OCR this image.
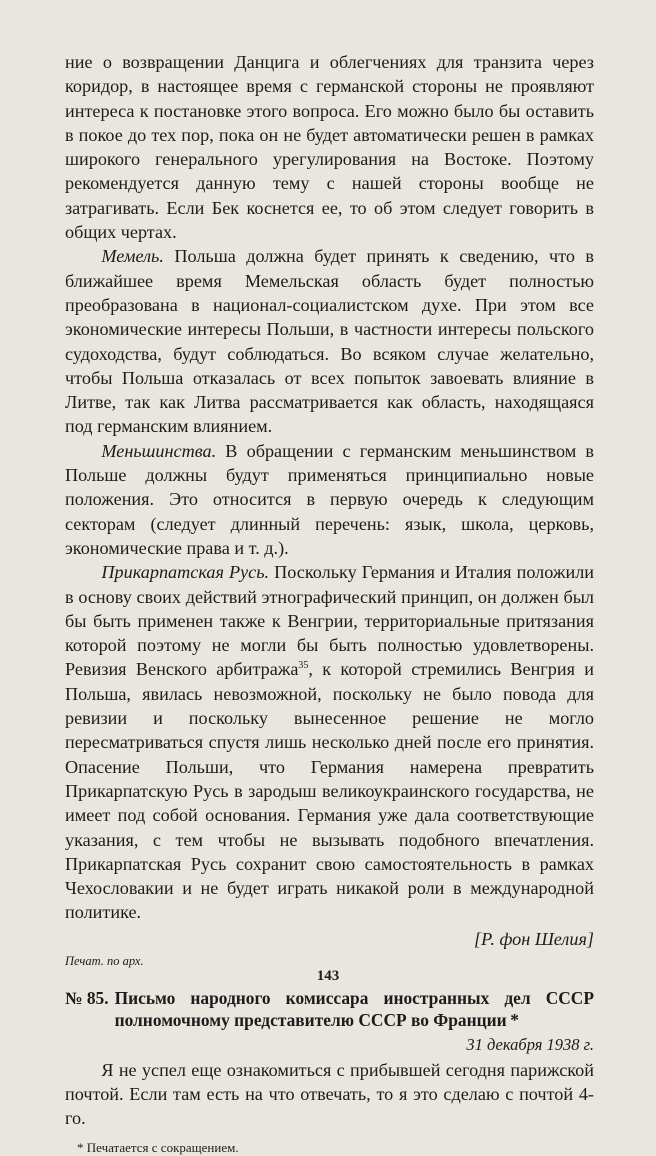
ние о возвращении Данцига и облегчениях для транзита через коридор, в настоящее время с германской стороны не проявляют интереса к постановке этого вопроса. Его можно было бы оставить в покое до тех пор, пока он не будет автоматически решен в рамках широкого генерального урегулирования на Востоке. Поэтому рекомендуется данную тему с нашей стороны вообще не затрагивать. Если Бек коснется ее, то об этом следует говорить в общих чертах.

Мемель. Польша должна будет принять к сведению, что в ближайшее время Мемельская область будет полностью преобразована в национал-социалистском духе. При этом все экономические интересы Польши, в частности интересы польского судоходства, будут соблюдаться. Во всяком случае желательно, чтобы Польша отказалась от всех попыток завоевать влияние в Литве, так как Литва рассматривается как область, находящаяся под германским влиянием.

Меньшинства. В обращении с германским меньшинством в Польше должны будут применяться принципиально новые положения. Это относится в первую очередь к следующим секторам (следует длинный перечень: язык, школа, церковь, экономические права и т. д.).

Прикарпатская Русь. Поскольку Германия и Италия положили в основу своих действий этнографический принцип, он должен был бы быть применен также к Венгрии, территориальные притязания которой поэтому не могли бы быть полностью удовлетворены. Ревизия Венского арбитража$^{35}$, к которой стремились Венгрия и Польша, явилась невозможной, поскольку не было повода для ревизии и поскольку вынесенное решение не могло пересматриваться спустя лишь несколько дней после его принятия. Опасение Польши, что Германия намерена превратить Прикарпатскую Русь в зародыш великоукраинского государства, не имеет под собой основания. Германия уже дала соответствующие указания, с тем чтобы не вызывать подобного впечатления. Прикарпатская Русь сохранит свою самостоятельность в рамках Чехословакии и не будет играть никакой роли в международной политике.

[Р. фон Шелия]
Печат. по арх.
№ 85. Письмо народного комиссара иностранных дел СССР полномочному представителю СССР во Франции  *
31 декабря 1938 г.

Я не успел еще ознакомиться с прибывшей сегодня парижской почтой. Если там есть на что отвечать, то я это сделаю с почтой 4-го.

* Печатается с сокращением.
143
